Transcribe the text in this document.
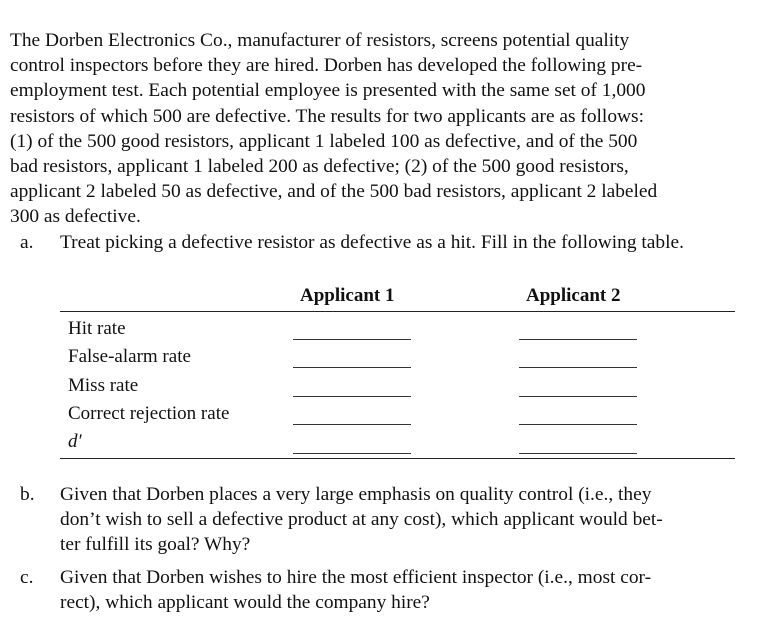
The Dorben Electronics Co., manufacturer of resistors, screens potential quality
control inspectors before they are hired. Dorben has developed the following pre-
employment test. Each potential employee is presented with the same set of 1,000
resistors of which 500 are defective. The results for two applicants are as follows:
(1) of the 500 good resistors, applicant 1 labeled 100 as defective, and of the 500
bad resistors, applicant 1 labeled 200 as defective; (2) of the 500 good resistors,
applicant 2 labeled 50 as defective, and of the 500 bad resistors, applicant 2 labeled
300 as defective.
a. Treat picking a defective resistor as defective as a hit. Fill in the following table.
Applicant 1	Applicant 2
Hit rate
False-alarm rate
Miss rate
Correct rejection rate
d′
b. Given that Dorben places a very large emphasis on quality control (i.e., they
don’t wish to sell a defective product at any cost), which applicant would bet-
ter fulfill its goal? Why?
c. Given that Dorben wishes to hire the most efficient inspector (i.e., most cor-
rect), which applicant would the company hire?
